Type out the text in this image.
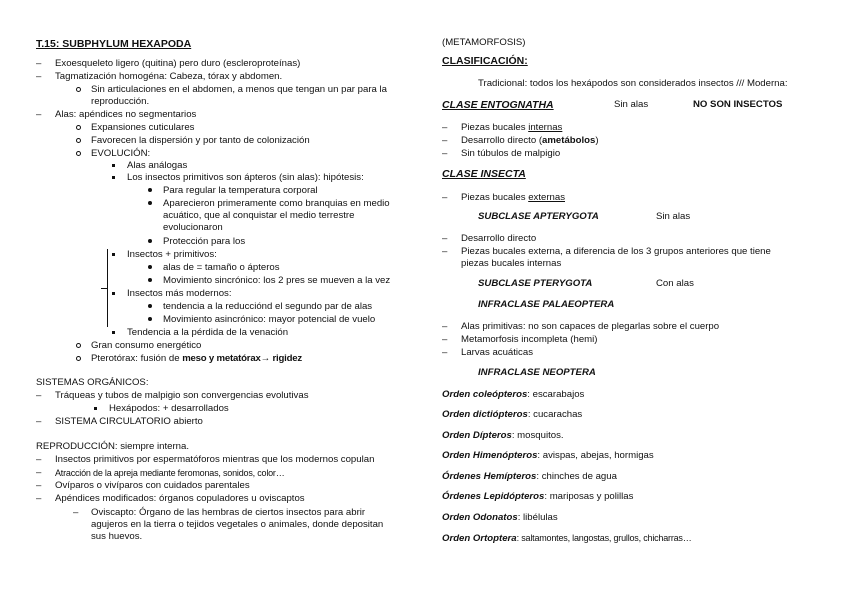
T.15: SUBPHYLUM HEXAPODA
– Exoesqueleto ligero (quitina) pero duro (escleroproteínas)
– Tagmatización homogéna: Cabeza, tórax y abdomen.
Sin articulaciones en el abdomen, a menos que tengan un par para la
reproducción.
– Alas: apéndices no segmentarios
Expansiones cuticulares
Favorecen la dispersión y por tanto de colonización
EVOLUCIÓN:
Alas análogas
Los insectos primitivos son ápteros (sin alas): hipótesis:
Para regular la temperatura corporal
Aparecieron primeramente como branquias en medio
acuático, que al conquistar el medio terrestre
evolucionaron
Protección para los
Insectos + primitivos:
alas de = tamaño o ápteros
Movimiento sincrónico: los 2 pres se mueven a la vez
Insectos más modernos:
tendencia a la reducciónd el segundo par de alas
Movimiento asincrónico: mayor potencial de vuelo
Tendencia a la pérdida de la venación
Gran consumo energético
Pterotórax: fusión de meso y metatórax→ rigidez
SISTEMAS ORGÁNICOS:
– Tráqueas y tubos de malpigio son convergencias evolutivas
Hexápodos: + desarrollados
– SISTEMA CIRCULATORIO abierto
REPRODUCCIÓN: siempre interna.
– Insectos primitivos por espermatóforos mientras que los modernos copulan
– Atracción de la apreja mediante feromonas, sonidos, color…
– Ovíparos o vivíparos con cuidados parentales
– Apéndices modificados: órganos copuladores u oviscaptos
– Oviscapto: Órgano de las hembras de ciertos insectos para abrir
agujeros en la tierra o tejidos vegetales o animales, donde depositan
sus huevos.
(METAMORFOSIS)
CLASIFICACIÓN:
Tradicional: todos los hexápodos son considerados insectos /// Moderna:
CLASE ENTOGNATHA	Sin alas	NO SON INSECTOS
– Piezas bucales internas
– Desarrollo directo (ametábolos)
– Sin túbulos de malpigio
CLASE INSECTA
– Piezas bucales externas
SUBCLASE APTERYGOTA	Sin alas
– Desarrollo directo
– Piezas bucales externa, a diferencia de los 3 grupos anteriores que tiene
piezas bucales internas
SUBCLASE PTERYGOTA	Con alas
INFRACLASE PALAEOPTERA
– Alas primitivas: no son capaces de plegarlas sobre el cuerpo
– Metamorfosis incompleta (hemi)
– Larvas acuáticas
INFRACLASE NEOPTERA
Orden coleópteros: escarabajos
Orden dictiópteros: cucarachas
Orden Dípteros: mosquitos.
Orden Himenópteros: avispas, abejas, hormigas
Órdenes Hemípteros: chinches de agua
Órdenes Lepidópteros: mariposas y polillas
Orden Odonatos: libélulas
Orden Ortoptera: saltamontes, langostas, grullos, chicharras…
